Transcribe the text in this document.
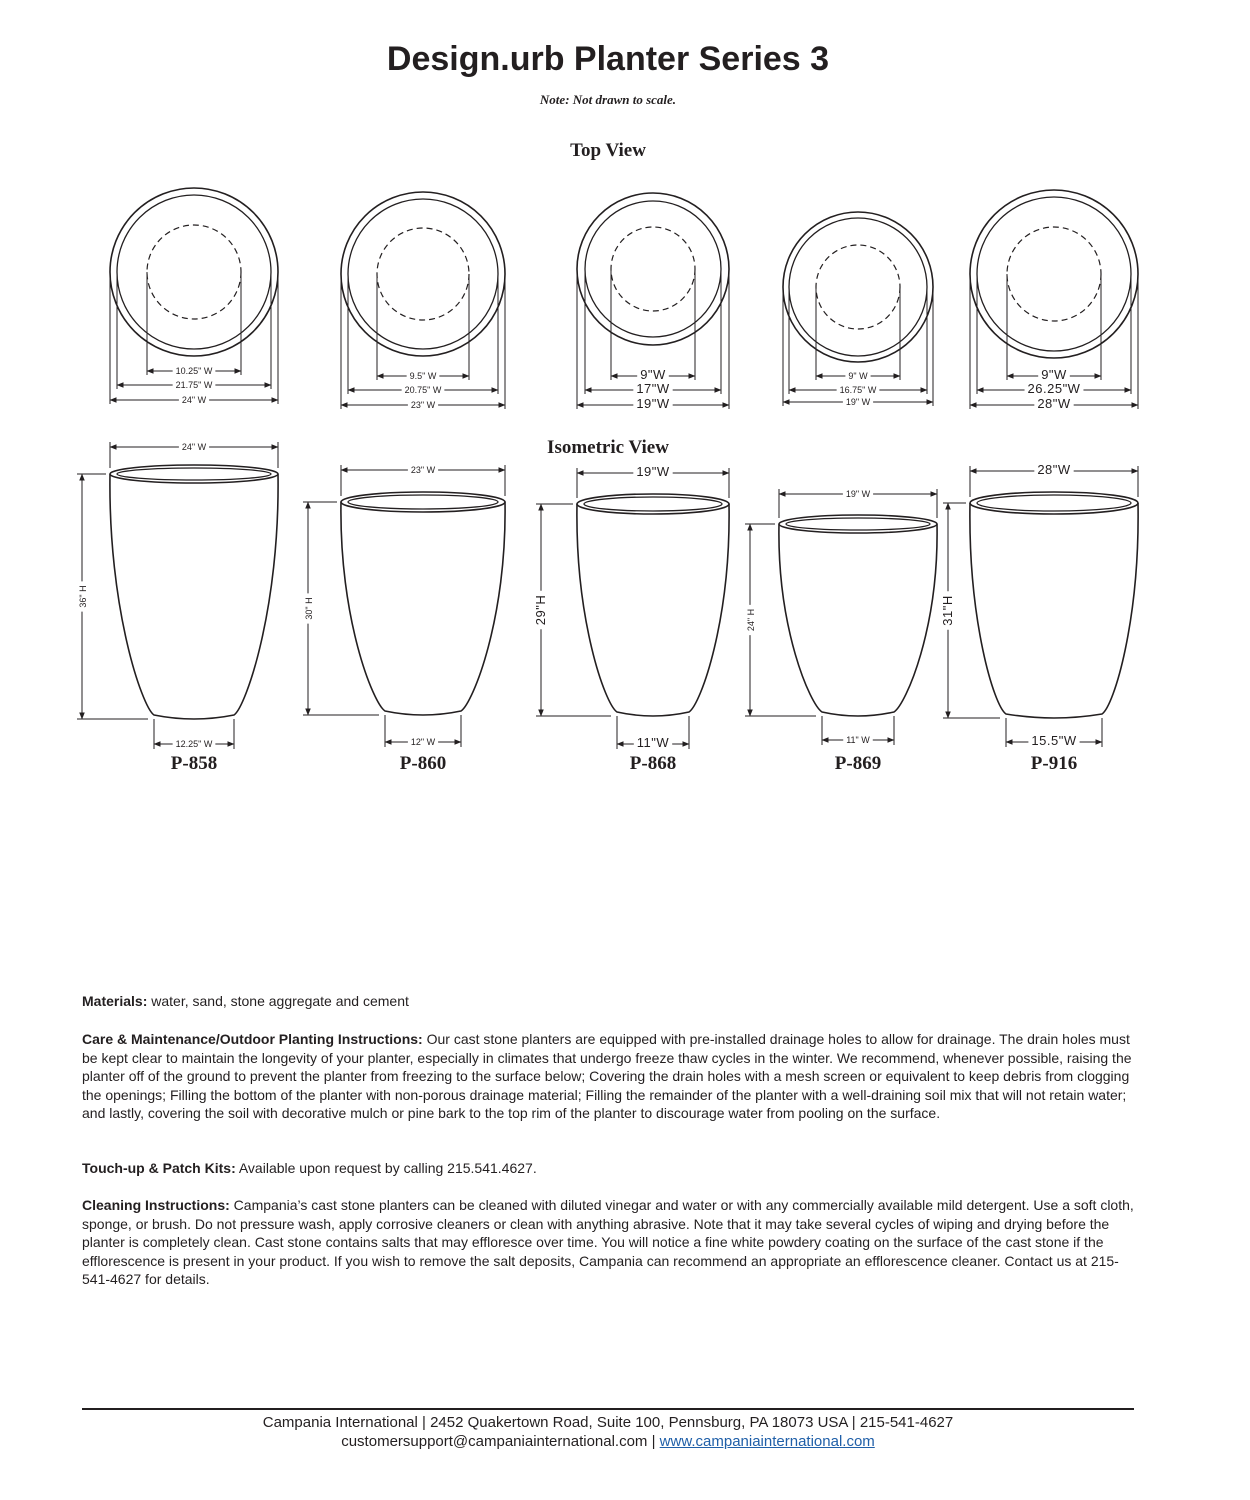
Design.urb Planter Series 3
Note: Not drawn to scale.
Top View
Isometric View
10.25" W
21.75" W
24" W
9.5" W
20.75" W
23" W
9"W
17"W
19"W
9" W
16.75" W
19" W
9"W
26.25"W
28"W
24" W
36" H
12.25" W
P-858
23" W
30" H
12" W
P-860
19"W
29"H
11"W
P-868
19" W
24" H
11" W
P-869
28"W
31"H
15.5"W
P-916
Materials: water, sand, stone aggregate and cement
Care & Maintenance/Outdoor Planting Instructions: Our cast stone planters are equipped with pre-installed drainage holes to allow for drainage. The drain holes must be kept clear to maintain the longevity of your planter, especially in climates that undergo freeze thaw cycles in the winter. We recommend, whenever possible, raising the planter off of the ground to prevent the planter from freezing to the surface below; Covering the drain holes with a mesh screen or equivalent to keep debris from clogging the openings; Filling the bottom of the planter with non-porous drainage material; Filling the remainder of the planter with a well-draining soil mix that will not retain water; and lastly, covering the soil with decorative mulch or pine bark to the top rim of the planter to discourage water from pooling on the surface.
Touch-up & Patch Kits: Available upon request by calling 215.541.4627.
Cleaning Instructions: Campania’s cast stone planters can be cleaned with diluted vinegar and water or with any commercially available mild detergent. Use a soft cloth, sponge, or brush. Do not pressure wash, apply corrosive cleaners or clean with anything abrasive. Note that it may take several cycles of wiping and drying before the planter is completely clean. Cast stone contains salts that may effloresce over time. You will notice a fine white powdery coating on the surface of the cast stone if the efflorescence is present in your product. If you wish to remove the salt deposits, Campania can recommend an appropriate an efflorescence cleaner. Contact us at 215-541-4627 for details.
Campania International | 2452 Quakertown Road, Suite 100, Pennsburg, PA 18073 USA | 215-541-4627
customersupport@campaniainternational.com | www.campaniainternational.com
